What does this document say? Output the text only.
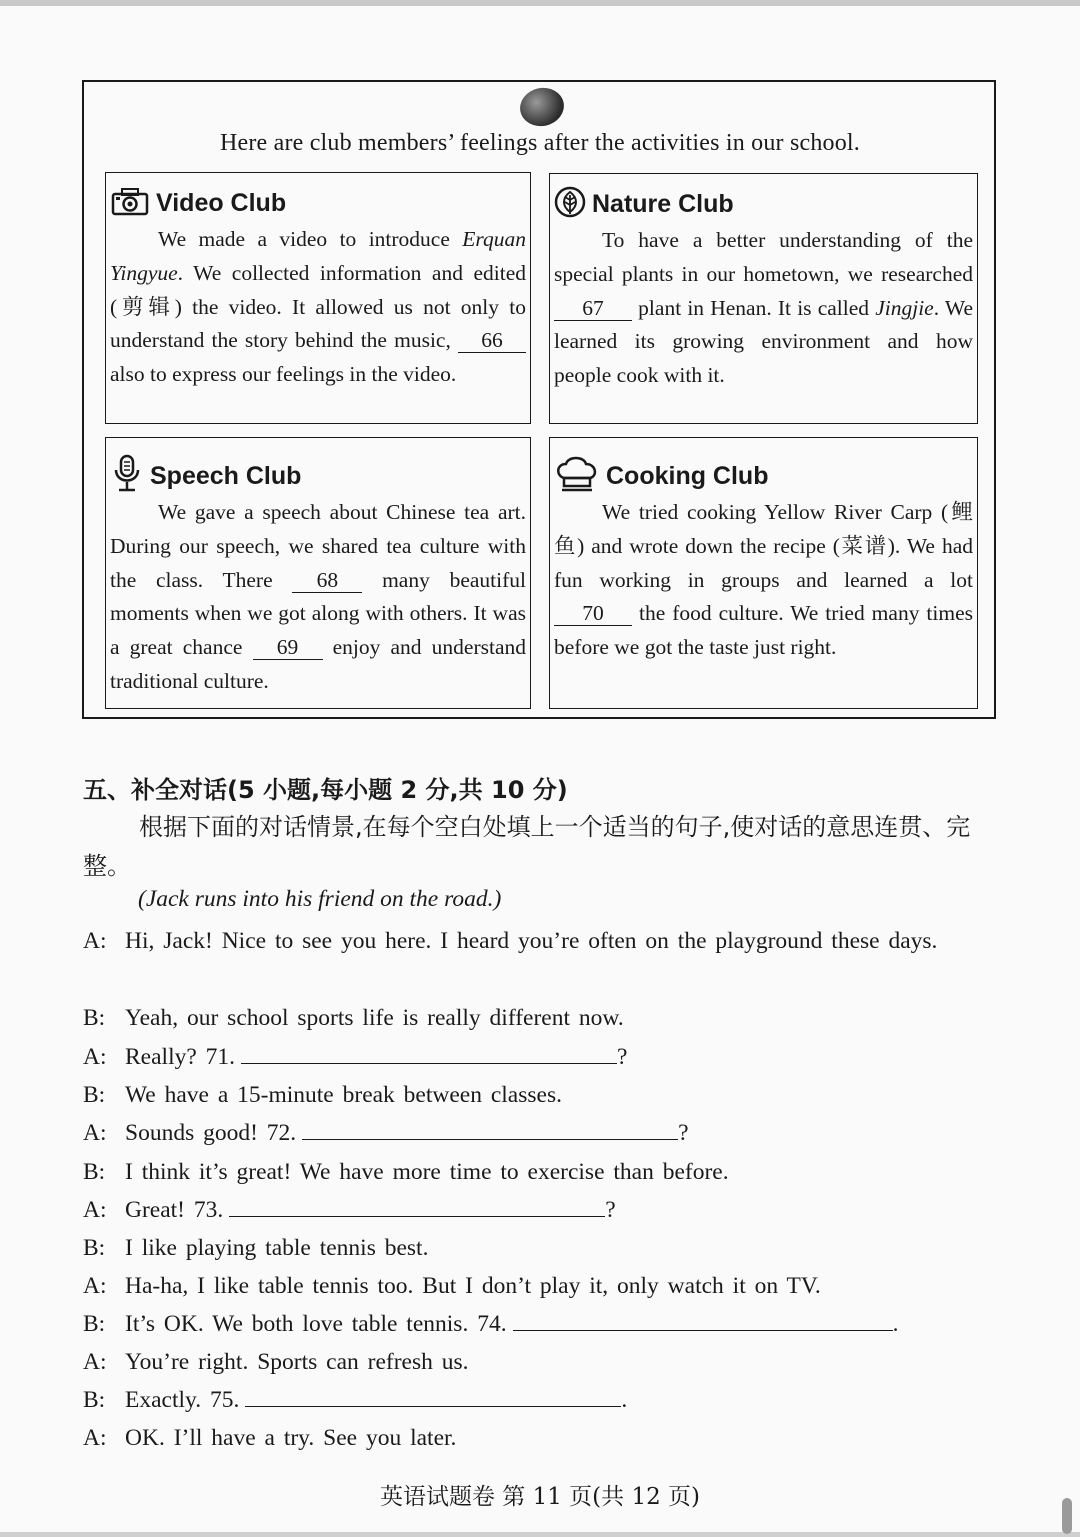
Here are club members’ feelings after the activities in our school.
Video Club
We made a video to introduce Erquan Yingyue. We collected information and edited (剪辑) the video. It allowed us not only to understand the story behind the music, 66 also to express our feelings in the video.
Nature Club
To have a better understanding of the special plants in our hometown, we researched 67 plant in Henan. It is called Jingjie. We learned its growing environment and how people cook with it.
Speech Club
We gave a speech about Chinese tea art. During our speech, we shared tea culture with the class. There 68 many beautiful moments when we got along with others. It was a great chance 69 enjoy and understand traditional culture.
Cooking Club
We tried cooking Yellow River Carp (鲤鱼) and wrote down the recipe (菜谱). We had fun working in groups and learned a lot 70 the food culture. We tried many times before we got the taste just right.
五、补全对话(5 小题,每小题 2 分,共 10 分)
根据下面的对话情景,在每个空白处填上一个适当的句子,使对话的意思连贯、完整。
(Jack runs into his friend on the road.)
A: Hi, Jack! Nice to see you here. I heard you’re often on the playground these days.
B: Yeah, our school sports life is really different now.
A: Really? 71.	?
B: We have a 15-minute break between classes.
A: Sounds good! 72.	?
B: I think it’s great! We have more time to exercise than before.
A: Great! 73.	?
B: I like playing table tennis best.
A: Ha-ha, I like table tennis too. But I don’t play it, only watch it on TV.
B: It’s OK. We both love table tennis. 74.	.
A: You’re right. Sports can refresh us.
B: Exactly. 75.	.
A: OK. I’ll have a try. See you later.
英语试题卷 第 11 页(共 12 页)
